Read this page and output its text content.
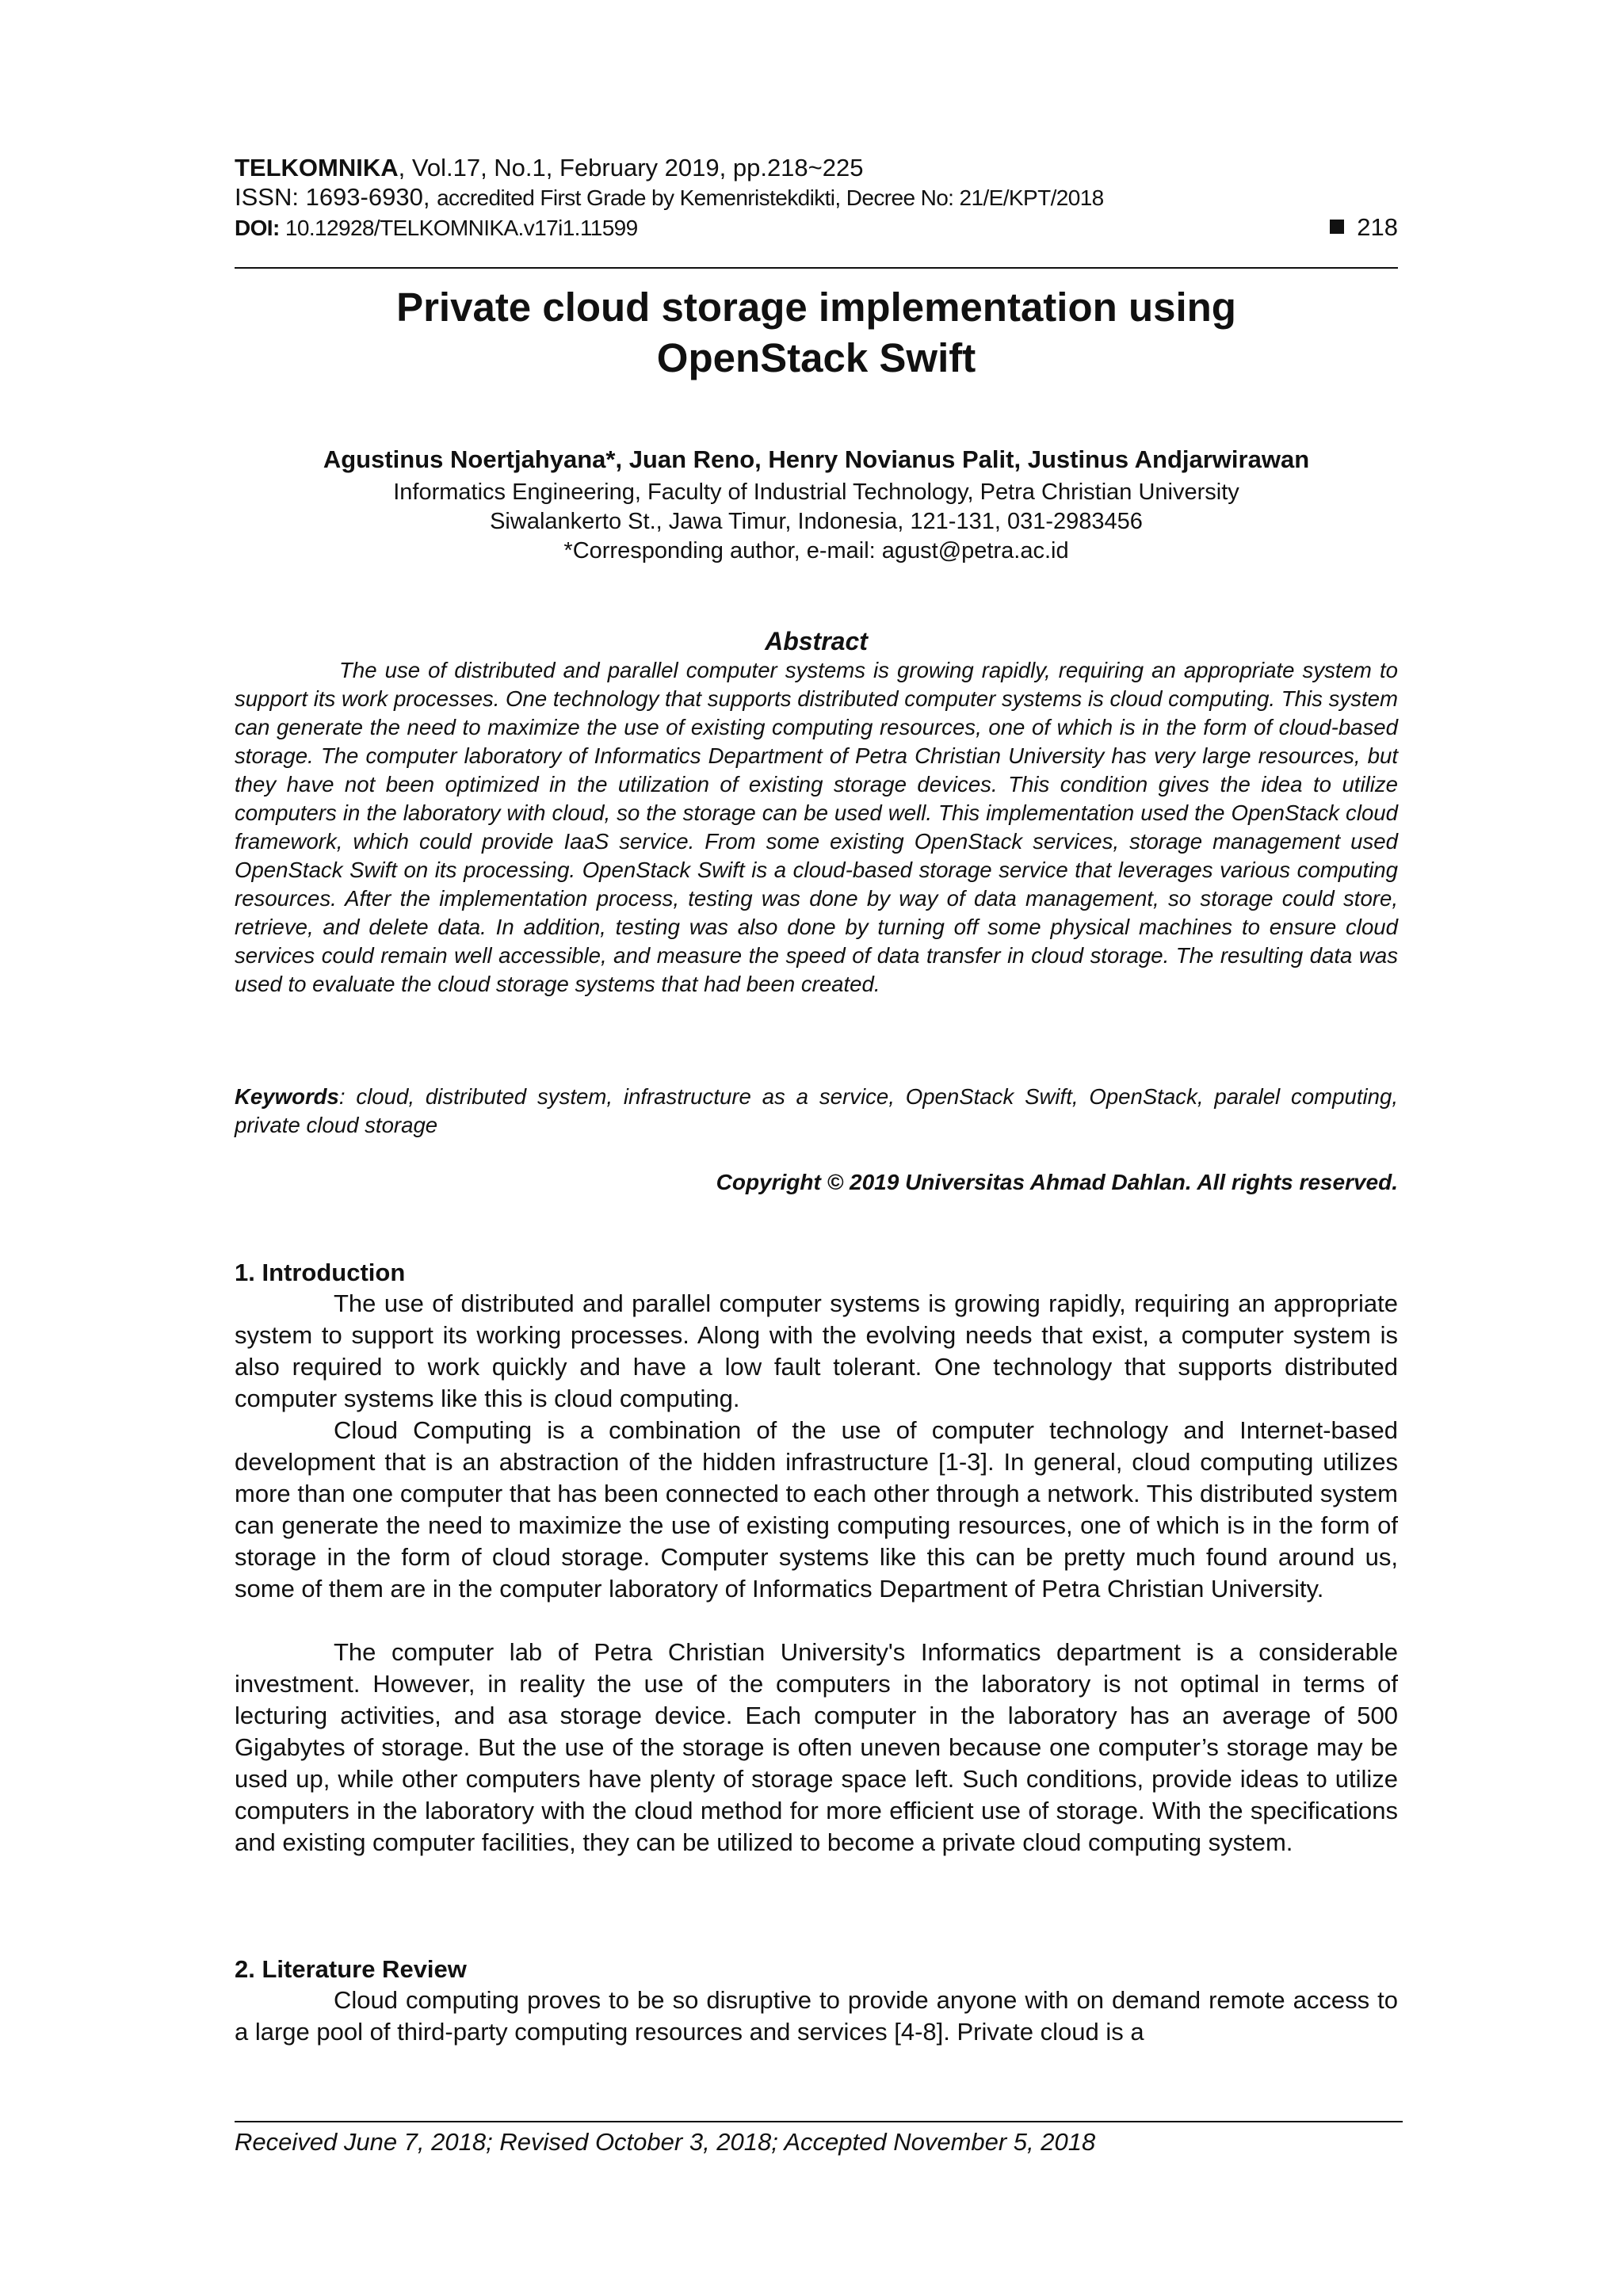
TELKOMNIKA, Vol.17, No.1, February 2019, pp.218~225
ISSN: 1693-6930, accredited First Grade by Kemenristekdikti, Decree No: 21/E/KPT/2018
DOI: 10.12928/TELKOMNIKA.v17i1.11599	218
Private cloud storage implementation using
OpenStack Swift
Agustinus Noertjahyana*, Juan Reno, Henry Novianus Palit, Justinus Andjarwirawan
Informatics Engineering, Faculty of Industrial Technology, Petra Christian University
Siwalankerto St., Jawa Timur, Indonesia, 121-131, 031-2983456
*Corresponding author, e-mail: agust@petra.ac.id
Abstract

The use of distributed and parallel computer systems is growing rapidly, requiring an appropriate system to support its work processes. One technology that supports distributed computer systems is cloud computing. This system can generate the need to maximize the use of existing computing resources, one of which is in the form of cloud-based storage. The computer laboratory of Informatics Department of Petra Christian University has very large resources, but they have not been optimized in the utilization of existing storage devices. This condition gives the idea to utilize computers in the laboratory with cloud, so the storage can be used well. This implementation used the OpenStack cloud framework, which could provide IaaS service. From some existing OpenStack services, storage management used OpenStack Swift on its processing. OpenStack Swift is a cloud-based storage service that leverages various computing resources. After the implementation process, testing was done by way of data management, so storage could store, retrieve, and delete data. In addition, testing was also done by turning off some physical machines to ensure cloud services could remain well accessible, and measure the speed of data transfer in cloud storage. The resulting data was used to evaluate the cloud storage systems that had been created.

Keywords: cloud, distributed system, infrastructure as a service, OpenStack Swift, OpenStack, paralel computing, private cloud storage

Copyright © 2019 Universitas Ahmad Dahlan. All rights reserved.
1. Introduction

The use of distributed and parallel computer systems is growing rapidly, requiring an appropriate system to support its working processes. Along with the evolving needs that exist, a computer system is also required to work quickly and have a low fault tolerant. One technology that supports distributed computer systems like this is cloud computing.

Cloud Computing is a combination of the use of computer technology and Internet-based development that is an abstraction of the hidden infrastructure [1-3]. In general, cloud computing utilizes more than one computer that has been connected to each other through a network. This distributed system can generate the need to maximize the use of existing computing resources, one of which is in the form of storage in the form of cloud storage. Computer systems like this can be pretty much found around us, some of them are in the computer laboratory of Informatics Department of Petra Christian University.

The computer lab of Petra Christian University's Informatics department is a considerable investment. However, in reality the use of the computers in the laboratory is not optimal in terms of lecturing activities, and asa storage device. Each computer in the laboratory has an average of 500 Gigabytes of storage. But the use of the storage is often uneven because one computer’s storage may be used up, while other computers have plenty of storage space left. Such conditions, provide ideas to utilize computers in the laboratory with the cloud method for more efficient use of storage. With the specifications and existing computer facilities, they can be utilized to become a private cloud computing system.

2. Literature Review

Cloud computing proves to be so disruptive to provide anyone with on demand remote access to a large pool of third-party computing resources and services [4-8]. Private cloud is a

Received June 7, 2018; Revised October 3, 2018; Accepted November 5, 2018
